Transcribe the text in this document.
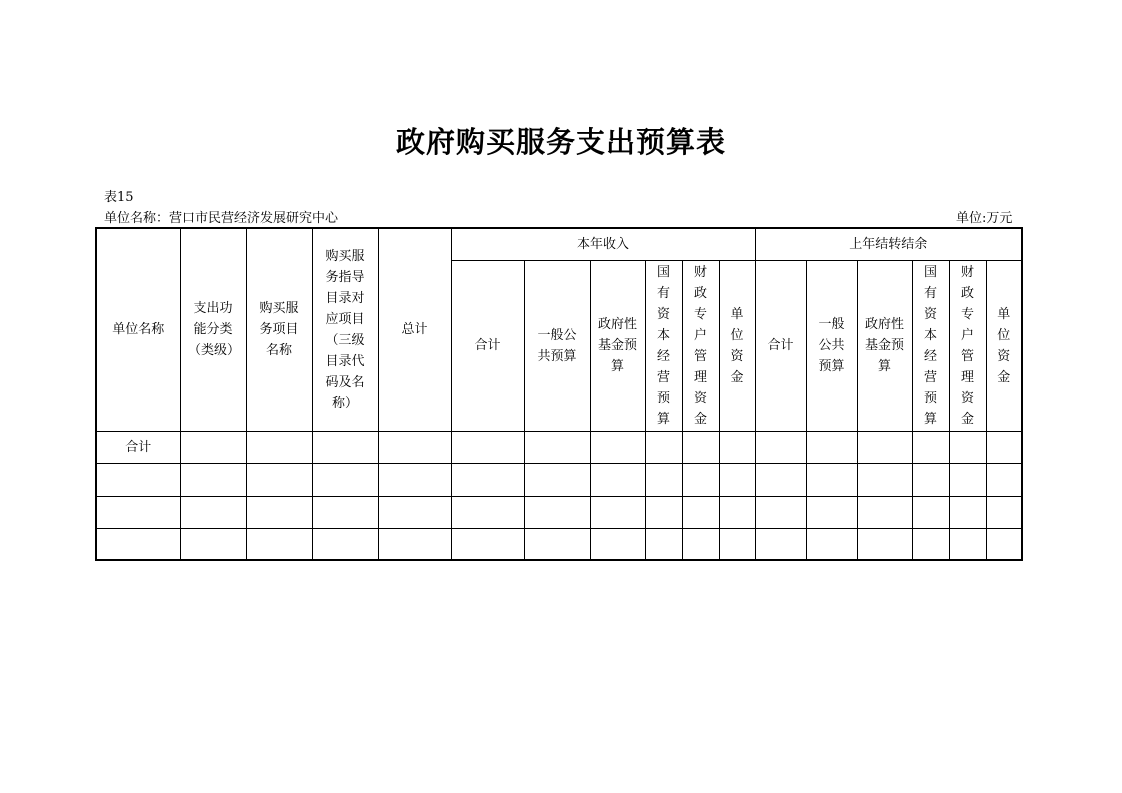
政府购买服务支出预算表
表15
单位名称：营口市民营经济发展研究中心	单位:万元
单位名称	支出功能分类（类级）	购买服务项目名称	购买服务指导目录对应项目（三级目录代码及名称）	总计	本年收入						上年结转结余					
					合计	一般公共预算	政府性基金预算	国有资本经营预算	财政专户管理资金	单位资金	合计	一般公共预算	政府性基金预算	国有资本经营预算	财政专户管理资金	单位资金
合计																
